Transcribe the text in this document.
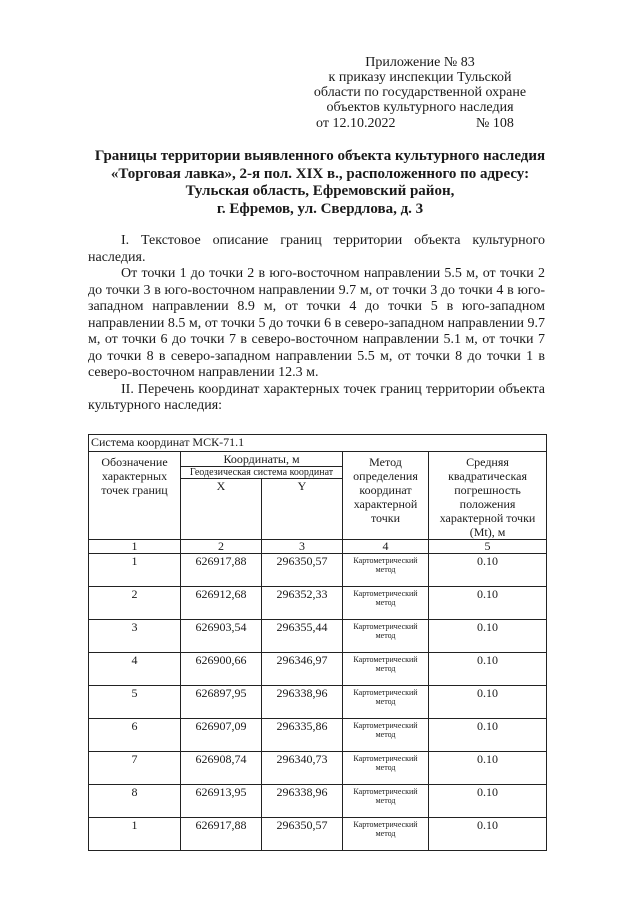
Приложение № 83
к приказу инспекции Тульской
области по государственной охране
объектов культурного наследия
от 12.10.2022	№ 108
Границы территории выявленного объекта культурного наследия
«Торговая лавка», 2-я пол. XIX в., расположенного по адресу:
Тульская область, Ефремовский район,
г. Ефремов, ул. Свердлова, д. 3

I. Текстовое описание границ территории объекта культурного наследия.

От точки 1 до точки 2 в юго-восточном направлении 5.5 м, от точки 2 до точки 3 в юго-восточном направлении 9.7 м, от точки 3 до точки 4 в юго-западном направлении 8.9 м, от точки 4 до точки 5 в юго-западном направлении 8.5 м, от точки 5 до точки 6 в северо-западном направлении 9.7 м, от точки 6 до точки 7 в северо-восточном направлении 5.1 м, от точки 7 до точки 8 в северо-западном направлении 5.5 м, от точки 8 до точки 1 в северо-восточном направлении 12.3 м.

II. Перечень координат характерных точек границ территории объекта культурного наследия:

Система координат МСК-71.1				
Обозначение характерных точек границ	Координаты, м		Метод определения координат характерной точки	Средняя квадратическая погрешность положения характерной точки (Mt), м
	Геодезическая система координат			
	X	Y		
1	2	3	4	5
1	626917,88	296350,57	Картометрический метод	0.10
2	626912,68	296352,33	Картометрический метод	0.10
3	626903,54	296355,44	Картометрический метод	0.10
4	626900,66	296346,97	Картометрический метод	0.10
5	626897,95	296338,96	Картометрический метод	0.10
6	626907,09	296335,86	Картометрический метод	0.10
7	626908,74	296340,73	Картометрический метод	0.10
8	626913,95	296338,96	Картометрический метод	0.10
1	626917,88	296350,57	Картометрический метод	0.10
